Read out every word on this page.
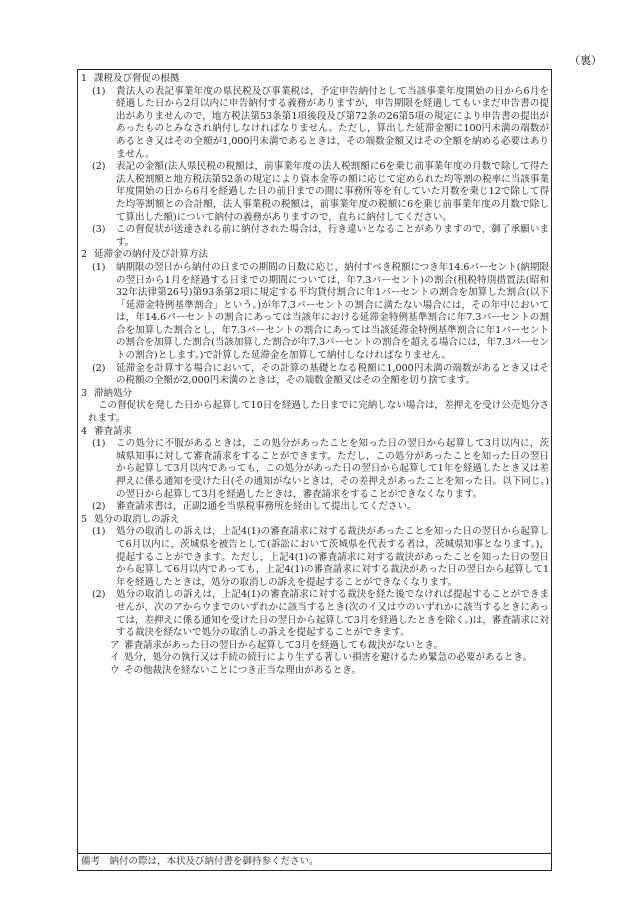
（裏）
1 課税及び督促の根拠
(1) 貴法人の表記事業年度の県民税及び事業税は，予定申告納付として当該事業年度開始の日から6月を経過した日から2月以内に申告納付する義務がありますが，申告期限を経過してもいまだ申告書の提出がありませんので，地方税法第53条第1項後段及び第72条の26第5項の規定により申告書の提出があったものとみなされ納付しなければなりません。ただし，算出した延滞金額に100円未満の端数があるとき又はその全額が1,000円未満であるときは，その端数金額又はその全額を納める必要はありません。
(2) 表記の金額(法人県民税の税額は，前事業年度の法人税割額に6を乗じ前事業年度の月数で除して得た法人税割額と地方税法第52条の規定により資本金等の額に応じて定められた均等割の税率に当該事業年度開始の日から6月を経過した日の前日までの間に事務所等を有していた月数を乗じ12で除して得た均等割額との合計額，法人事業税の税額は，前事業年度の税額に6を乗じ前事業年度の月数で除して算出した額)について納付の義務がありますので，直ちに納付してください。
(3) この督促状が送達される前に納付された場合は，行き違いとなることがありますので，御了承願います。
2 延滞金の納付及び計算方法
(1) 納期限の翌日から納付の日までの期間の日数に応じ，納付すべき税額につき年14.6パーセント(納期限の翌日から1月を経過する日までの期間については，年7.3パーセント)の割合(租税特別措置法(昭和32年法律第26号)第93条第2項に規定する平均貸付割合に年1パーセントの割合を加算した割合(以下「延滞金特例基準割合」という。)が年7.3パーセントの割合に満たない場合には，その年中においては，年14.6パーセントの割合にあっては当該年における延滞金特例基準割合に年7.3パーセントの割合を加算した割合とし，年7.3パーセントの割合にあっては当該延滞金特例基準割合に年1パーセントの割合を加算した割合(当該加算した割合が年7.3パーセントの割合を超える場合には，年7.3パーセントの割合)とします。)で計算した延滞金を加算して納付しなければなりません。
(2) 延滞金を計算する場合において，その計算の基礎となる税額に1,000円未満の端数があるとき又はその税額の全額が2,000円未満のときは，その端数金額又はその全額を切り捨てます。
3 滞納処分
この督促状を発した日から起算して10日を経過した日までに完納しない場合は，差押えを受け公売処分されます。
4 審査請求
(1) この処分に不服があるときは，この処分があったことを知った日の翌日から起算して3月以内に，茨城県知事に対して審査請求をすることができます。ただし，この処分があったことを知った日の翌日から起算して3月以内であっても，この処分があった日の翌日から起算して1年を経過したとき又は差押えに係る通知を受けた日(その通知がないときは，その差押えがあったことを知った日。以下同じ。)の翌日から起算して3月を経過したときは，審査請求をすることができなくなります。
(2) 審査請求書は，正副2通を当県税事務所を経由して提出してください。
5 処分の取消しの訴え
(1) 処分の取消しの訴えは，上記4(1)の審査請求に対する裁決があったことを知った日の翌日から起算して6月以内に，茨城県を被告として(訴訟において茨城県を代表する者は，茨城県知事となります。)，提起することができます。ただし，上記4(1)の審査請求に対する裁決があったことを知った日の翌日から起算して6月以内であっても，上記4(1)の審査請求に対する裁決があった日の翌日から起算して1年を経過したときは，処分の取消しの訴えを提起することができなくなります。
(2) 処分の取消しの訴えは，上記4(1)の審査請求に対する裁決を経た後でなければ提起することができませんが，次のアからウまでのいずれかに該当するとき(次のイ又はウのいずれかに該当するときにあっては，差押えに係る通知を受けた日の翌日から起算して3月を経過したときを除く。)は，審査請求に対する裁決を経ないで処分の取消しの訴えを提起することができます。
ア 審査請求があった日の翌日から起算して3月を経過しても裁決がないとき。
イ 処分，処分の執行又は手続の続行により生ずる著しい損害を避けるため緊急の必要があるとき。
ウ その他裁決を経ないことにつき正当な理由があるとき。
備考　 納付の際は，本状及び納付書を御持参ください。
